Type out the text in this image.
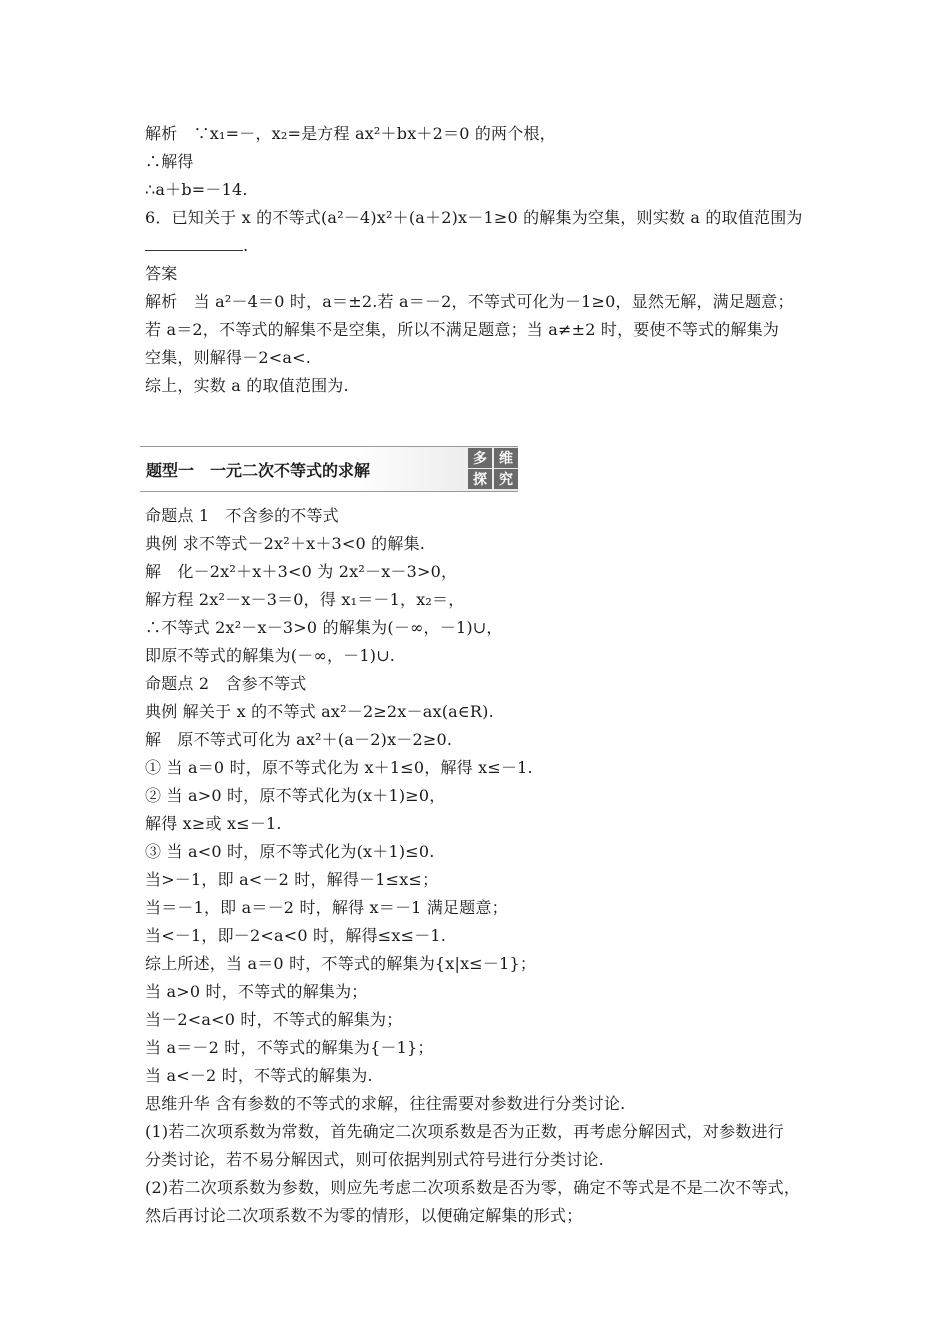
解析　∵x₁=－，x₂=是方程 ax²＋bx＋2＝0 的两个根，
∴解得
∴a＋b=－14.
6．已知关于 x 的不等式(a²－4)x²＋(a＋2)x－1≥0 的解集为空集，则实数 a 的取值范围为
.
答案
解析　当 a²－4＝0 时，a＝±2.若 a＝－2，不等式可化为－1≥0，显然无解，满足题意；
若 a＝2，不等式的解集不是空集，所以不满足题意；当 a≠±2 时，要使不等式的解集为
空集，则解得－2<a<.
综上，实数 a 的取值范围为.
题型一　一元二次不等式的求解
多 维
探 究
命题点 1　不含参的不等式
典例 求不等式－2x²＋x＋3<0 的解集.
解　化－2x²＋x＋3<0 为 2x²－x－3>0，
解方程 2x²－x－3＝0，得 x₁＝－1，x₂＝，
∴不等式 2x²－x－3>0 的解集为(－∞，－1)∪，
即原不等式的解集为(－∞，－1)∪.
命题点 2　含参不等式
典例 解关于 x 的不等式 ax²－2≥2x－ax(a∈R).
解　原不等式可化为 ax²＋(a－2)x－2≥0.
① 当 a＝0 时，原不等式化为 x＋1≤0，解得 x≤－1.
② 当 a>0 时，原不等式化为(x＋1)≥0，
解得 x≥或 x≤－1.
③ 当 a<0 时，原不等式化为(x＋1)≤0.
当>－1，即 a<－2 时，解得－1≤x≤；
当＝－1，即 a＝－2 时，解得 x＝－1 满足题意；
当<－1，即－2<a<0 时，解得≤x≤－1.
综上所述，当 a＝0 时，不等式的解集为{x|x≤－1}；
当 a>0 时，不等式的解集为；
当－2<a<0 时，不等式的解集为；
当 a＝－2 时，不等式的解集为{－1}；
当 a<－2 时，不等式的解集为.
思维升华 含有参数的不等式的求解，往往需要对参数进行分类讨论.
(1)若二次项系数为常数，首先确定二次项系数是否为正数，再考虑分解因式，对参数进行
分类讨论，若不易分解因式，则可依据判别式符号进行分类讨论.
(2)若二次项系数为参数，则应先考虑二次项系数是否为零，确定不等式是不是二次不等式，
然后再讨论二次项系数不为零的情形，以便确定解集的形式；
